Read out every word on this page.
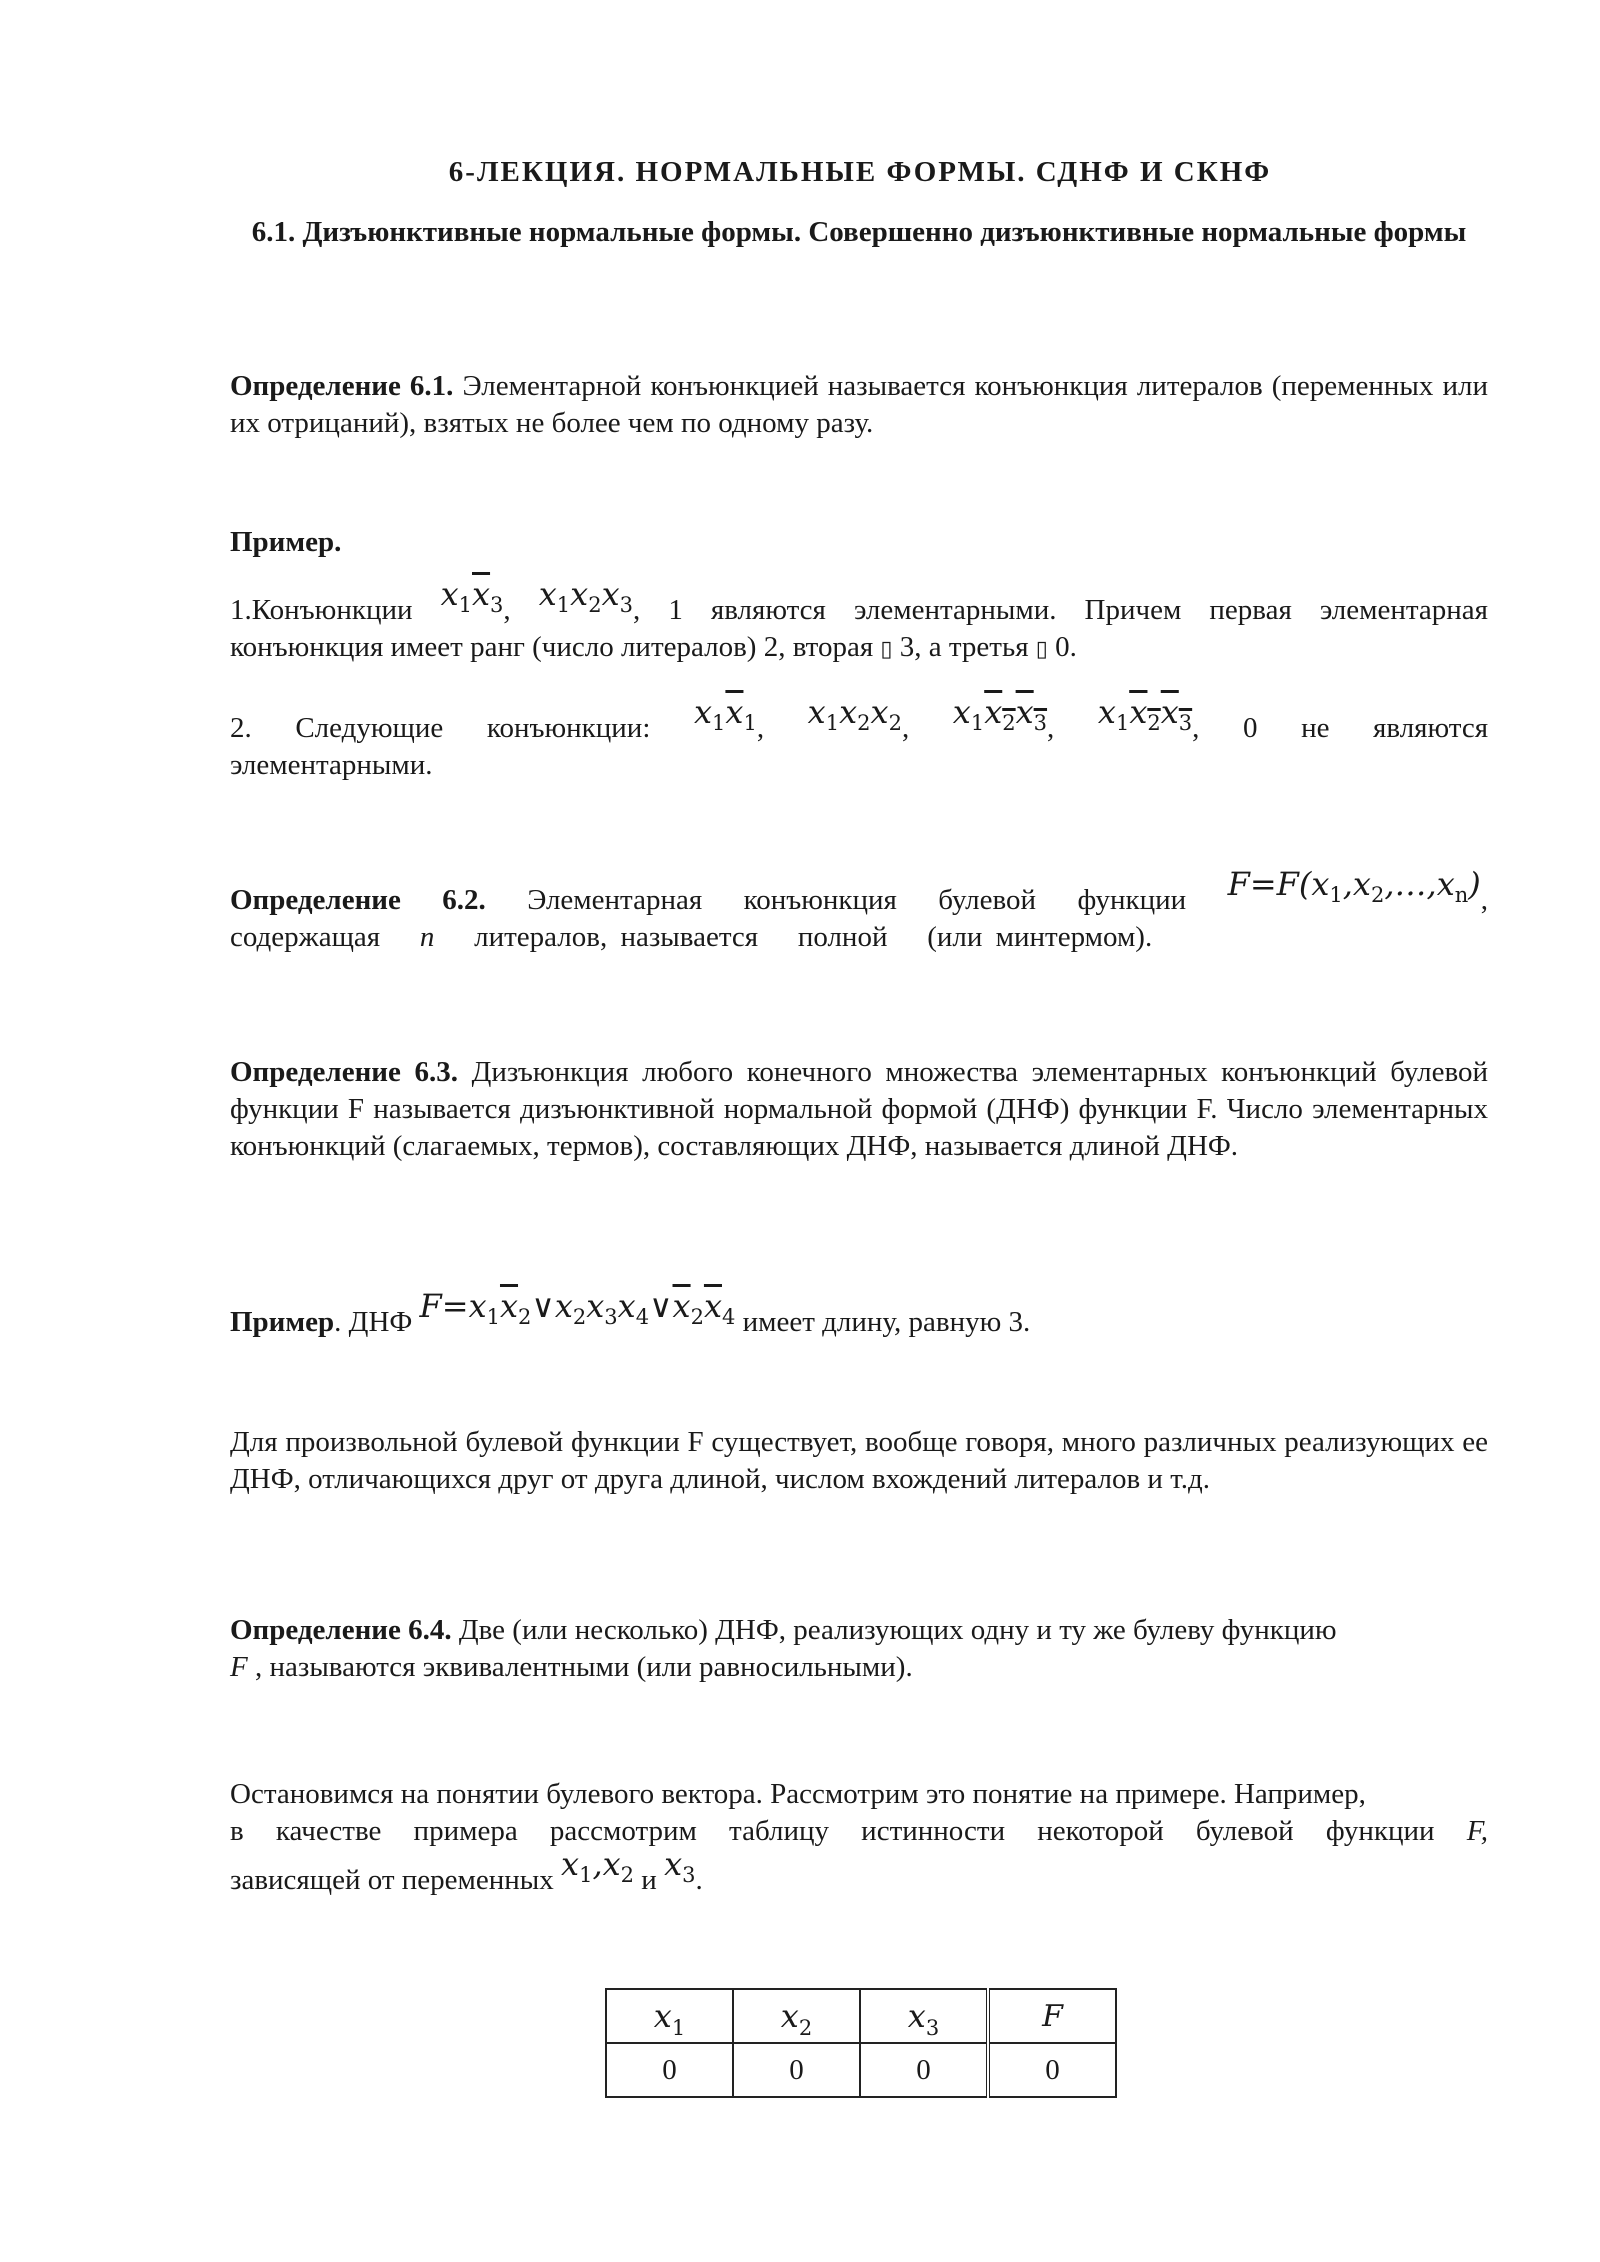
6-ЛЕКЦИЯ. НОРМАЛЬНЫЕ ФОРМЫ. СДНФ И СКНФ
6.1. Дизъюнктивные нормальные формы. Совершенно дизъюнктивные нормальные формы
Определение 6.1. Элементарной конъюнкцией называется конъюнкция литералов (переменных или их отрицаний), взятых не более чем по одному разу.
Пример.
1.Конъюнкции $x_1\overline{x}_3$, $x_1x_2x_3$, 1 являются элементарными. Причем первая элементарная
конъюнкция имеет ранг (число литералов) 2, вторая ▯ 3, а третья ▯ 0.
2. Следующие конъюнкции: $x_1\overline{x}_1$, $x_1x_2x_2$, $x_1x_2x_3$, $x_1x_2x_3$, 0 не являются
элементарными.
Определение 6.2. Элементарная конъюнкция булевой функции $F=F(x_1,x_2,\dots,x_n)$,
содержащая n литералов, называется полной (или минтермом).
Определение 6.3. Дизъюнкция любого конечного множества элементарных конъюнкций булевой функции F называется дизъюнктивной нормальной формой (ДНФ) функции F. Число элементарных конъюнкций (слагаемых, термов), составляющих ДНФ, называется длиной ДНФ.
Пример. ДНФ $F=x_1\overline{x}_2\vee x_2x_3x_4\vee\overline{x}_2\overline{x}_4$ имеет длину, равную 3.
Для произвольной булевой функции F существует, вообще говоря, много различных реализующих ее ДНФ, отличающихся друг от друга длиной, числом вхождений литералов и т.д.
Определение 6.4. Две (или несколько) ДНФ, реализующих одну и ту же булеву функцию
F , называются эквивалентными (или равносильными).
Остановимся на понятии булевого вектора. Рассмотрим это понятие на примере. Например,
в качестве примера рассмотрим таблицу истинности некоторой булевой функции F,
зависящей от переменных $x_1,x_2$ и $x_3$.
$x_1$	$x_2$	$x_3$	F
0	0	0	0
